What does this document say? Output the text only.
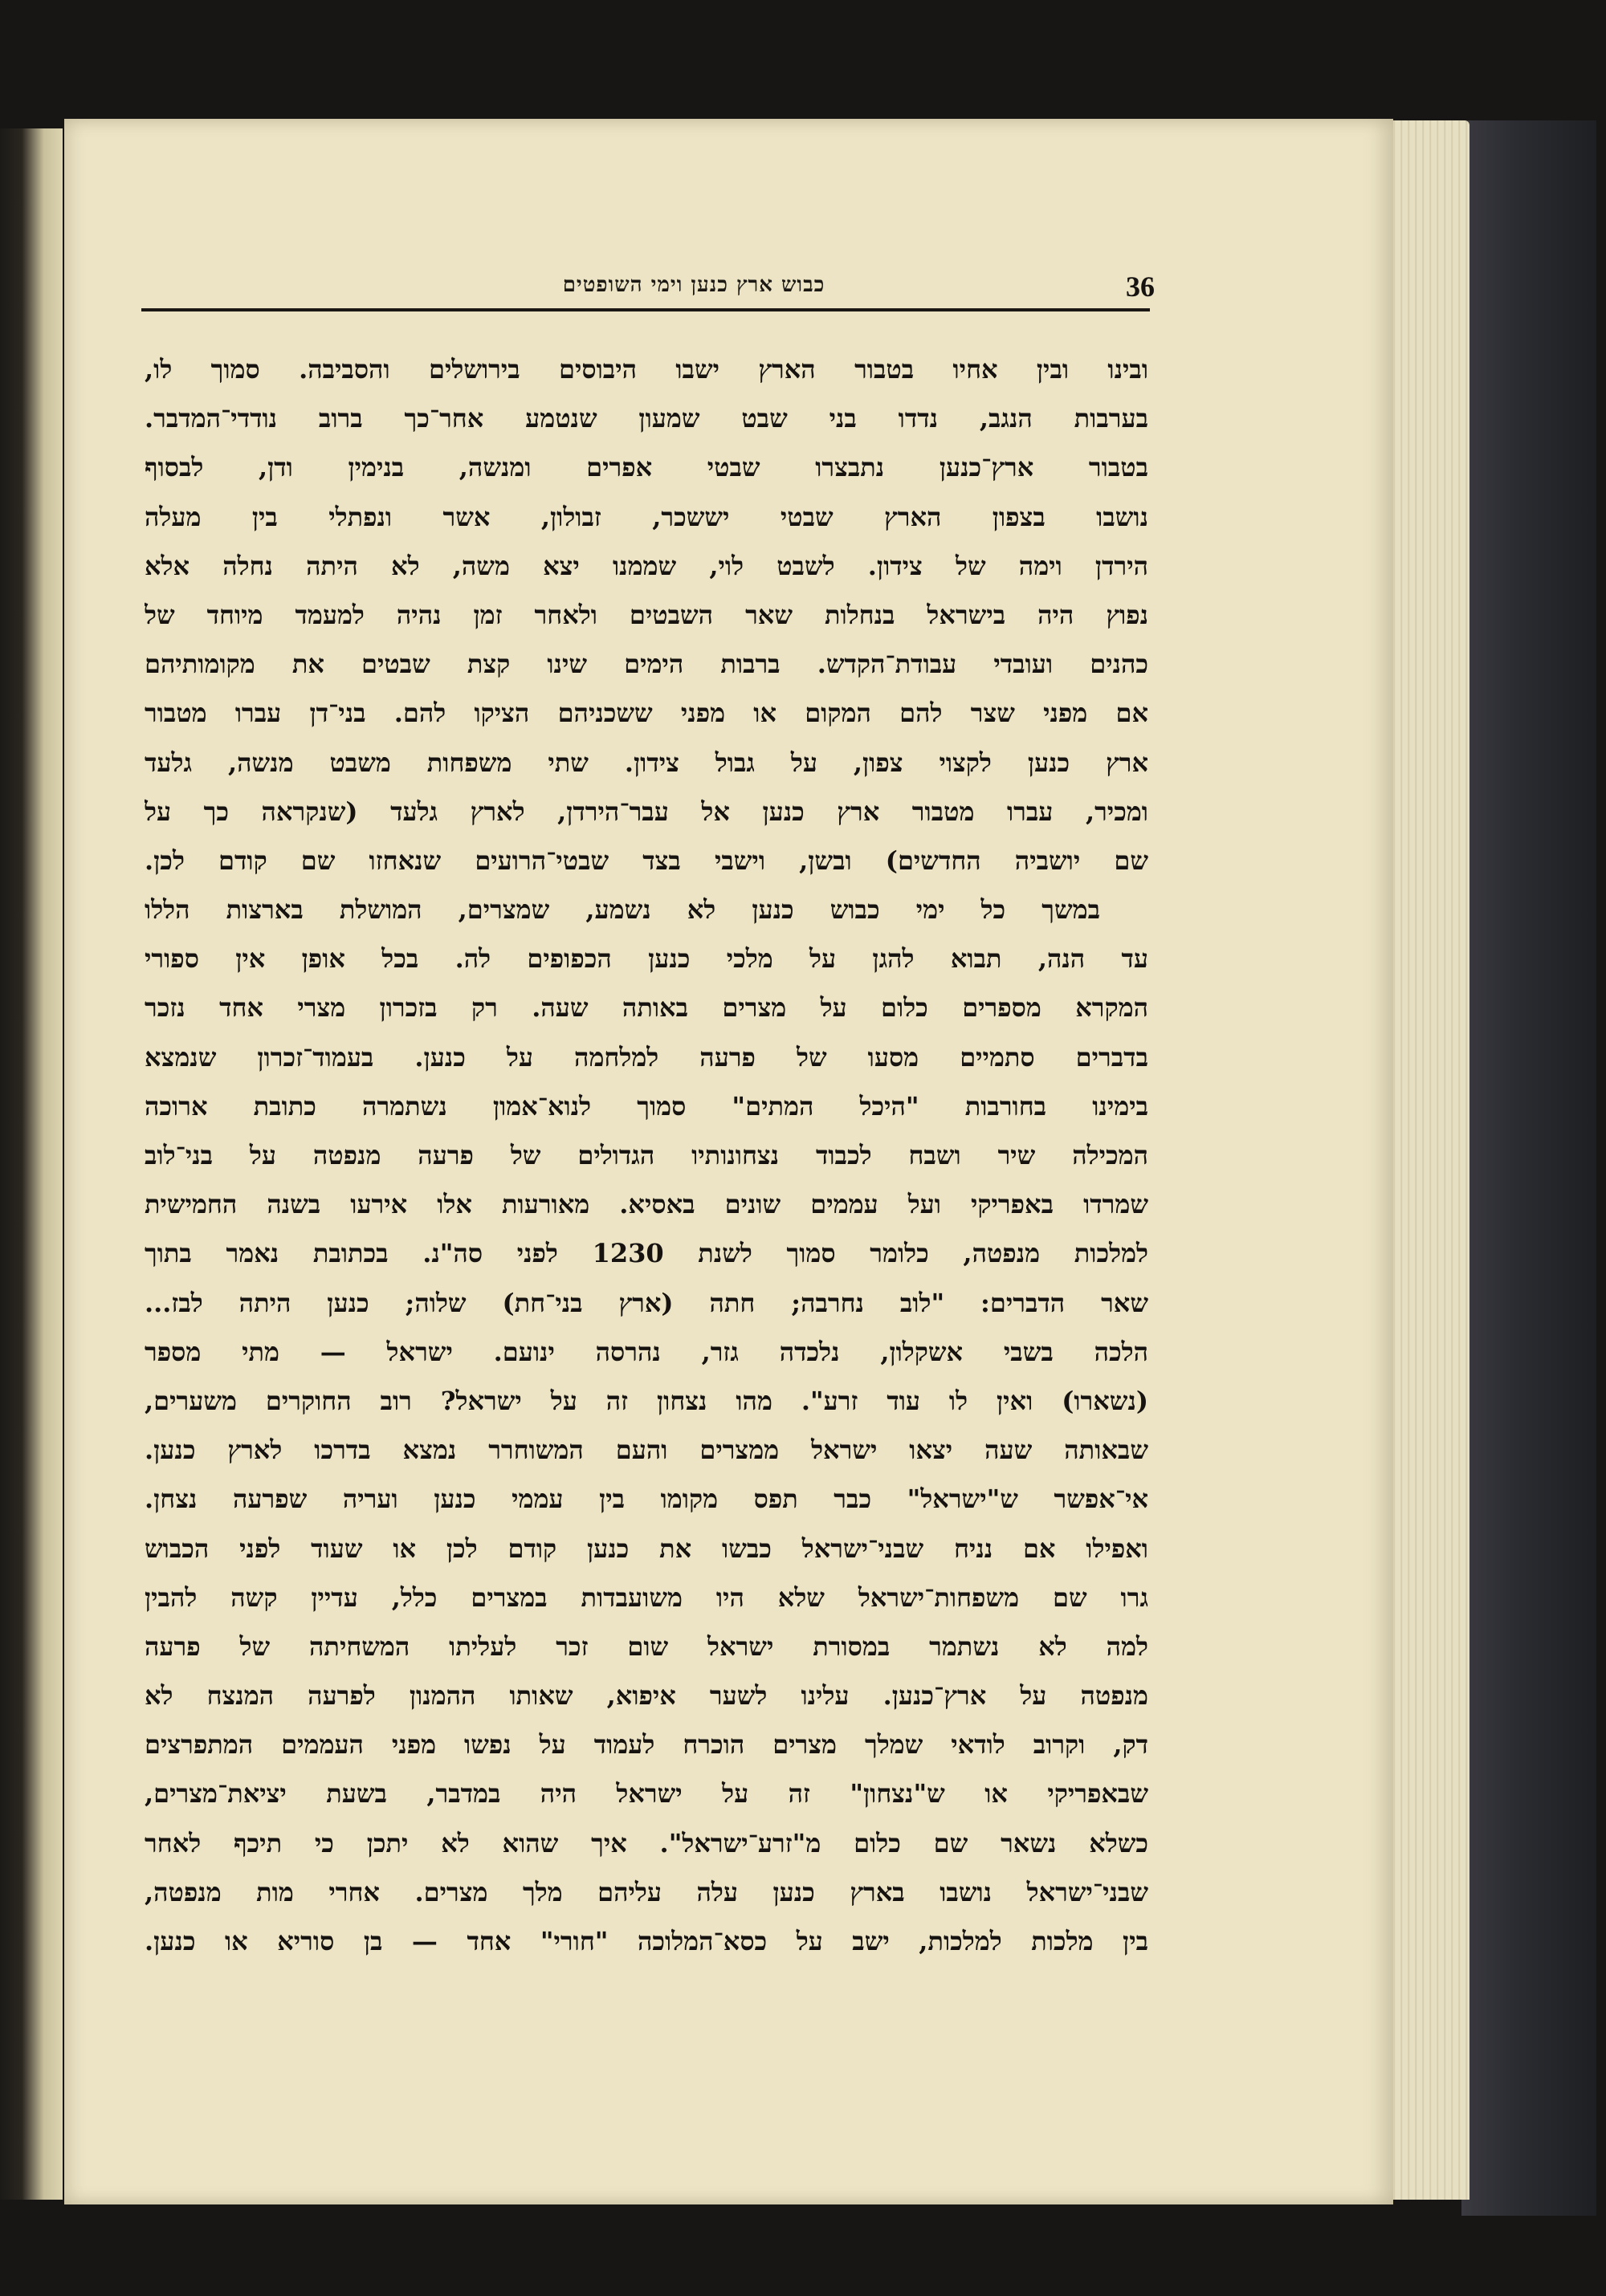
36
כבוש ארץ כנען וימי השופטים
ובינו ובין אחיו בטבור הארץ ישבו היבוסים בירושלים והסביבה. סמוך לו,
בערבות הנגב, נדדו בני שבט שמעון שנטמע אחר־כך ברוב נודדי־המדבר.
בטבור ארץ־כנען נתבצרו שבטי אפרים ומנשה, בנימין ודן, לבסוף
נושבו בצפון הארץ שבטי יששכר, זבולון, אשר ונפתלי בין מעלה
הירדן וימה של צידון. לשבט לוי, שממנו יצא משה, לא היתה נחלה אלא
נפוץ היה בישראל בנחלות שאר השבטים ולאחר זמן נהיה למעמד מיוחד של
כהנים ועובדי עבודת־הקדש. ברבות הימים שינו קצת שבטים את מקומותיהם
אם מפני שצר להם המקום או מפני ששכניהם הציקו להם. בני־דן עברו מטבור
ארץ כנען לקצוי צפון, על גבול צידון. שתי משפחות משבט מנשה, גלעד
ומכיר, עברו מטבור ארץ כנען אל עבר־הירדן, לארץ גלעד (שנקראה כך על
שם יושביה החדשים) ובשן, וישבי בצד שבטי־הרועים שנאחזו שם קודם לכן.
במשך כל ימי כבוש כנען לא נשמע, שמצרים, המושלת בארצות הללו
עד הנה, תבוא להגן על מלכי כנען הכפופים לה. בכל אופן אין ספורי
המקרא מספרים כלום על מצרים באותה שעה. רק בזכרון מצרי אחד נזכר
בדברים סתמיים מסעו של פרעה למלחמה על כנען. בעמוד־זכרון שנמצא
בימינו בחורבות "היכל המתים" סמוך לנוא־אמון נשתמרה כתובת ארוכה
המכילה שיר ושבח לכבוד נצחונותיו הגדולים של פרעה מנפטה על בני־לוב
שמרדו באפריקי ועל עממים שונים באסיא. מאורעות אלו אירעו בשנה החמישית
למלכות מנפטה, כלומר סמוך לשנת 1230 לפני סה"נ. בכתובת נאמר בתוך
שאר הדברים: "לוב נחרבה; חתה (ארץ בני־חת) שלוה; כנען היתה לבז...
הלכה בשבי אשקלון, נלכדה גזר, נהרסה ינועם. ישראל — מתי מספר
(נשארו) ואין לו עוד זרע". מהו נצחון זה על ישראל? רוב החוקרים משערים,
שבאותה שעה יצאו ישראל ממצרים והעם המשוחרר נמצא בדרכו לארץ כנען.
אי־אפשר ש"ישראל" כבר תפס מקומו בין עממי כנען ועריה שפרעה נצחן.
ואפילו אם נניח שבני־ישראל כבשו את כנען קודם לכן או שעוד לפני הכבוש
גרו שם משפחות־ישראל שלא היו משועבדות במצרים כלל, עדיין קשה להבין
למה לא נשתמר במסורת ישראל שום זכר לעליתו המשחיתה של פרעה
מנפטה על ארץ־כנען. עלינו לשער איפוא, שאותו ההמנון לפרעה המנצח לא
דק, וקרוב לודאי שמלך מצרים הוכרח לעמוד על נפשו מפני העממים המתפרצים
שבאפריקי או ש"נצחון" זה על ישראל היה במדבר, בשעת יציאת־מצרים,
כשלא נשאר שם כלום מ"זרע־ישראל". איך שהוא לא יתכן כי תיכף לאחר
שבני־ישראל נושבו בארץ כנען עלה עליהם מלך מצרים. אחרי מות מנפטה,
בין מלכות למלכות, ישב על כסא־המלוכה "חורי" אחד — בן סוריא או כנען.
